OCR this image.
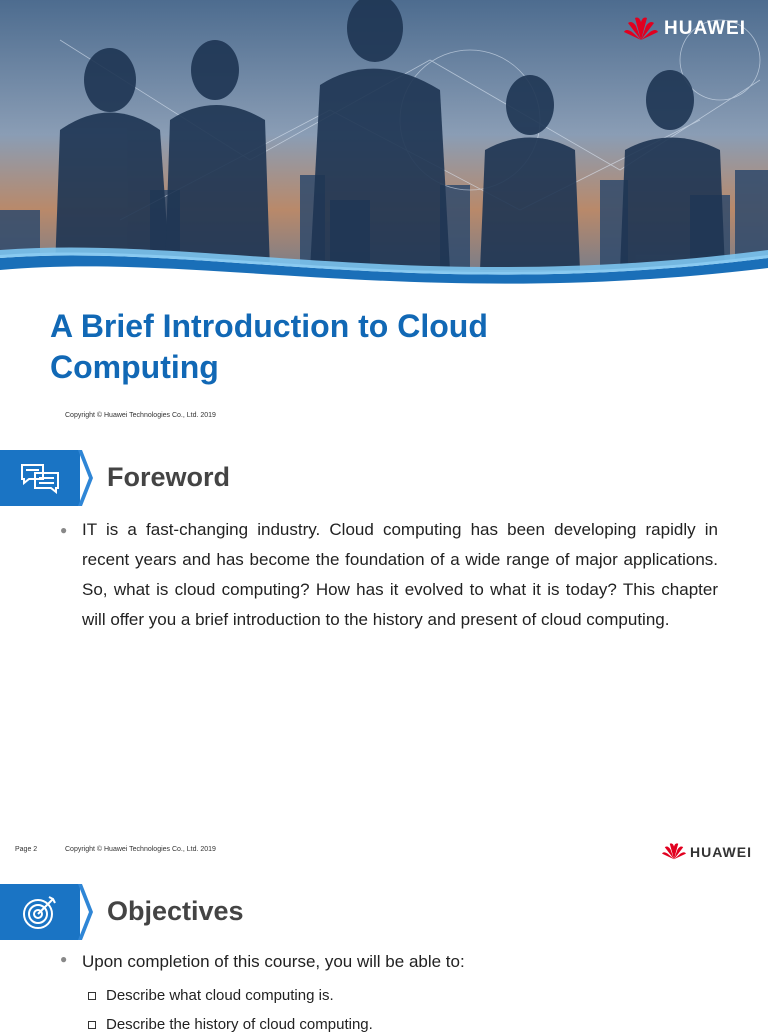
HUAWEI
A Brief Introduction to Cloud
Computing
Copyright © Huawei Technologies Co., Ltd. 2019
Foreword
● IT is a fast-changing industry. Cloud computing has been developing rapidly in recent years and has become the foundation of a wide range of major applications. So, what is cloud computing? How has it evolved to what it is today? This chapter will offer you a brief introduction to the history and present of cloud computing.

Page 2	Copyright © Huawei Technologies Co., Ltd. 2019	HUAWEI
Objectives
● Upon completion of this course, you will be able to:
Describe what cloud computing is.
Describe the history of cloud computing.
